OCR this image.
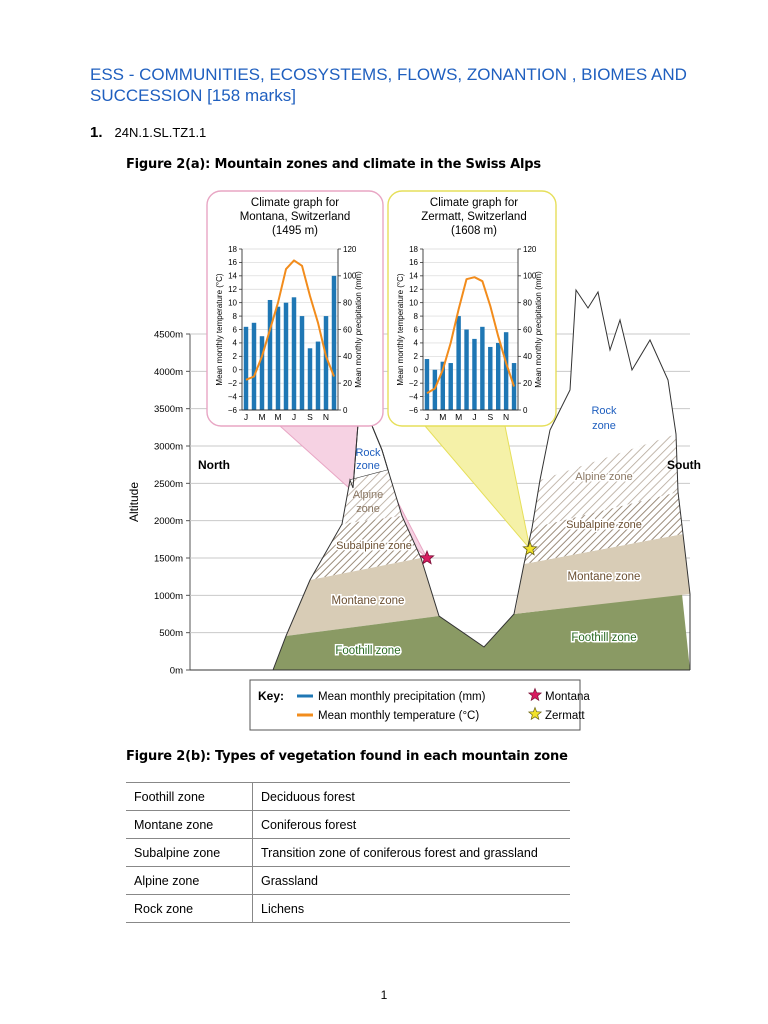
ESS - COMMUNITIES, ECOSYSTEMS, FLOWS, ZONANTION , BIOMES AND SUCCESSION [158 marks]
1. 24N.1.SL.TZ1.1
Figure 2(a): Mountain zones and climate in the Swiss Alps
4500m
4000m
3500m
3000m
2500m
2000m
1500m
1000m
500m
0m
Altitude
Rock
zone
Alpine
zone
Subalpine zone
Montane zone
Foothill zone
Rock
zone
Alpine zone
Subalpine zone
Montane zone
Foothill zone
North	South
Climate graph for
Montana, Switzerland
(1495 m)
18
16
14
12
10
8
6
4
2
0
−2
−4
−6
120
100
80
60
40
20
0
J M M J S N
Mean monthly temperature (°C)	Mean monthly precipitation (mm)
Climate graph for
Zermatt, Switzerland
(1608 m)
18
16
14
12
10
8
6
4
2
0
−2
−4
−6
120
100
80
60
40
20
0
J M M J S N
Mean monthly temperature (°C)	Mean monthly precipitation (mm)
Key:	Mean monthly precipitation (mm)
Mean monthly temperature (°C)
Montana
Zermatt
Figure 2(b): Types of vegetation found in each mountain zone
Foothill zone	Deciduous forest
Montane zone	Coniferous forest
Subalpine zone	Transition zone of coniferous forest and grassland
Alpine zone	Grassland
Rock zone	Lichens
1
